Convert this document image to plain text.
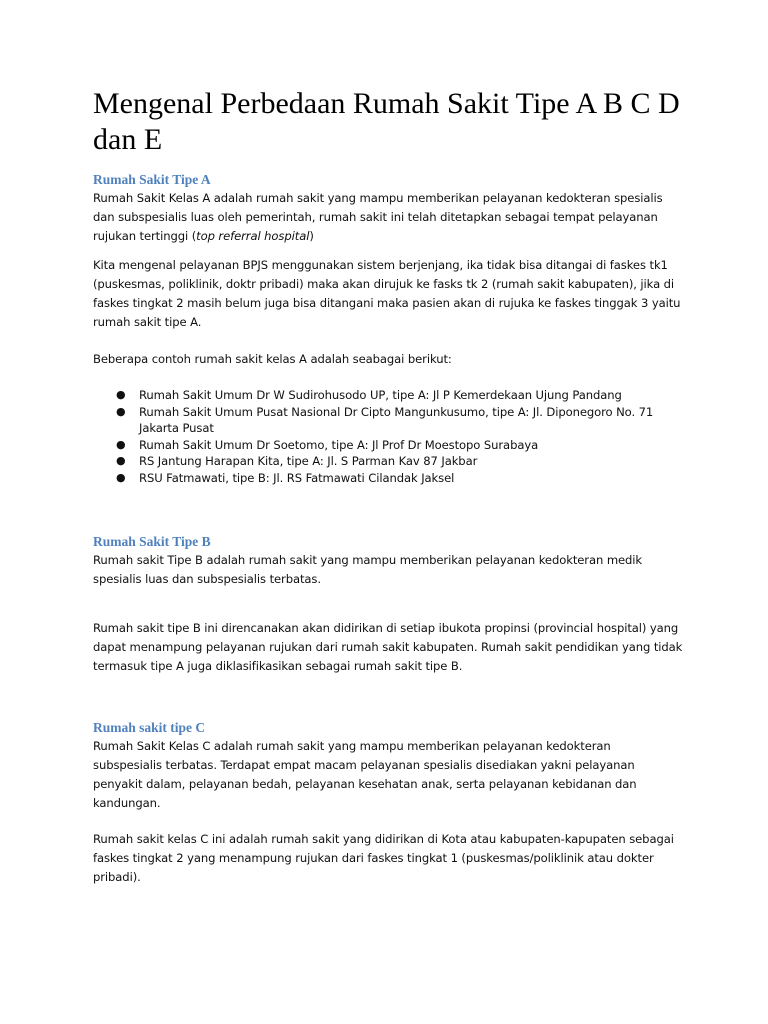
Mengenal Perbedaan Rumah Sakit Tipe A B C D dan E
Rumah Sakit Tipe A

Rumah Sakit Kelas A adalah rumah sakit yang mampu memberikan pelayanan kedokteran spesialis dan subspesialis luas oleh pemerintah, rumah sakit ini telah ditetapkan sebagai tempat pelayanan rujukan tertinggi (top referral hospital)

Kita mengenal pelayanan BPJS menggunakan sistem berjenjang, ika tidak bisa ditangai di faskes tk1 (puskesmas, poliklinik, doktr pribadi) maka akan dirujuk ke fasks tk 2 (rumah sakit kabupaten), jika di faskes tingkat 2 masih belum juga bisa ditangani maka pasien akan di rujuka ke faskes tinggak 3 yaitu rumah sakit tipe A.

Beberapa contoh rumah sakit kelas A adalah seabagai berikut:

● Rumah Sakit Umum Dr W Sudirohusodo UP, tipe A: Jl P Kemerdekaan Ujung Pandang
● Rumah Sakit Umum Pusat Nasional Dr Cipto Mangunkusumo, tipe A: Jl. Diponegoro No. 71 Jakarta Pusat
● Rumah Sakit Umum Dr Soetomo, tipe A: Jl Prof Dr Moestopo Surabaya
● RS Jantung Harapan Kita, tipe A: Jl. S Parman Kav 87 Jakbar
● RSU Fatmawati, tipe B: Jl. RS Fatmawati Cilandak Jaksel
Rumah Sakit Tipe B

Rumah sakit Tipe B adalah rumah sakit yang mampu memberikan pelayanan kedokteran medik spesialis luas dan subspesialis terbatas.

Rumah sakit tipe B ini direncanakan akan didirikan di setiap ibukota propinsi (provincial hospital) yang dapat menampung pelayanan rujukan dari rumah sakit kabupaten. Rumah sakit pendidikan yang tidak termasuk tipe A juga diklasifikasikan sebagai rumah sakit tipe B.

Rumah sakit tipe C

Rumah Sakit Kelas C adalah rumah sakit yang mampu memberikan pelayanan kedokteran subspesialis terbatas. Terdapat empat macam pelayanan spesialis disediakan yakni pelayanan penyakit dalam, pelayanan bedah, pelayanan kesehatan anak, serta pelayanan kebidanan dan kandungan.

Rumah sakit kelas C ini adalah rumah sakit yang didirikan di Kota atau kabupaten-kapupaten sebagai faskes tingkat 2 yang menampung rujukan dari faskes tingkat 1 (puskesmas/poliklinik atau dokter pribadi).
